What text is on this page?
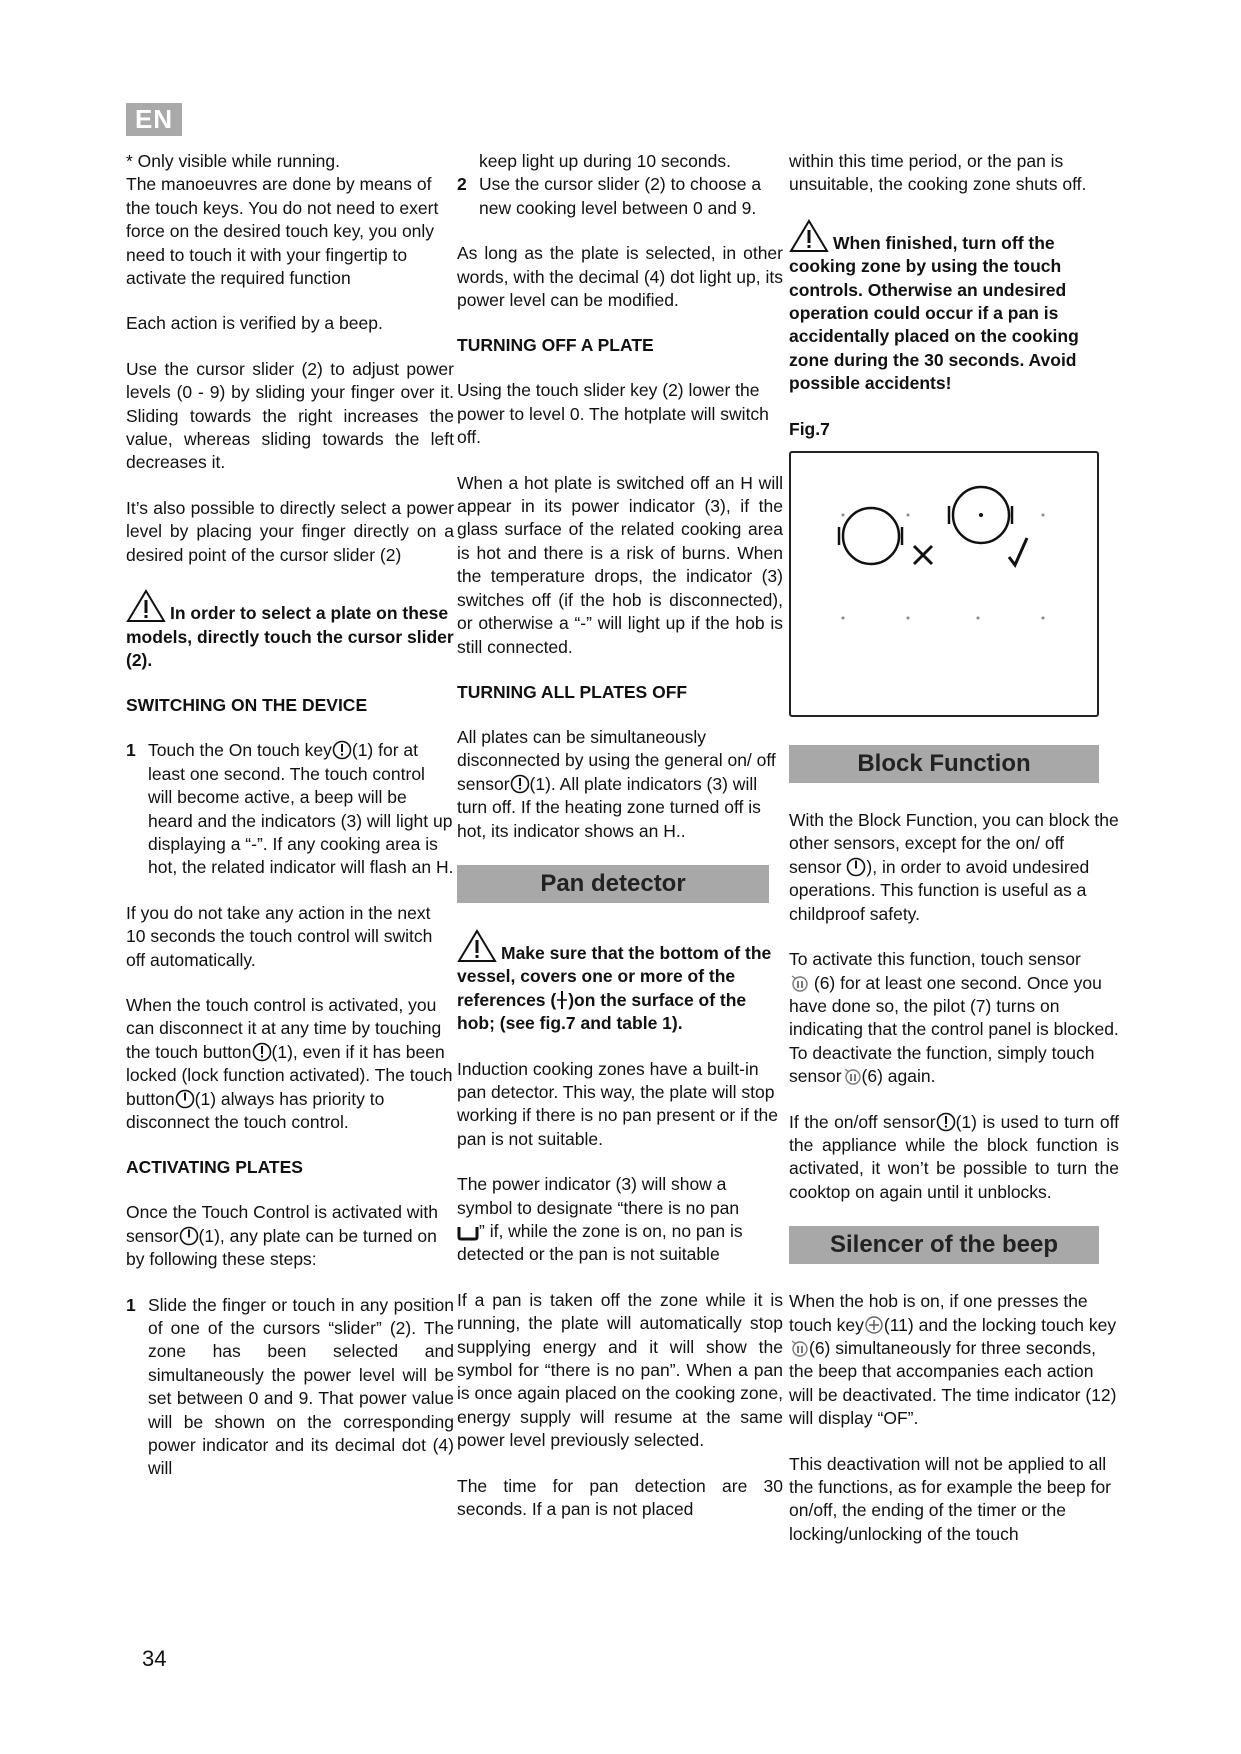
EN

* Only visible while running.

The manoeuvres are done by means of the touch keys. You do not need to exert force on the desired touch key, you only need to touch it with your fingertip to activate the required function

Each action is verified by a beep.

Use the cursor slider (2) to adjust power levels (0 - 9) by sliding your finger over it. Sliding towards the right increases the value, whereas sliding towards the left decreases it.

It’s also possible to directly select a power level by placing your finger directly on a desired point of the cursor slider (2)

In order to select a plate on these models, directly touch the cursor slider (2).
SWITCHING ON THE DEVICE
1 Touch the On touch key (1) for at least one second. The touch control will become active, a beep will be heard and the indicators (3) will light up displaying a “-”. If any cooking area is hot, the related indicator will flash an H.

If you do not take any action in the next 10 seconds the touch control will switch off automatically.

When the touch control is activated, you can disconnect it at any time by touching the touch button (1), even if it has been locked (lock function activated). The touch button (1) always has priority to disconnect the touch control.

ACTIVATING PLATES

Once the Touch Control is activated with sensor (1), any plate can be turned on by following these steps:

1 Slide the finger or touch in any position of one of the cursors “slider” (2). The zone has been selected and simultaneously the power level will be set between 0 and 9. That power value will be shown on the corresponding power indicator and its decimal dot (4) will
keep light up during 10 seconds.
2 Use the cursor slider (2) to choose a new cooking level between 0 and 9.

As long as the plate is selected, in other words, with the decimal (4) dot light up, its power level can be modified.

TURNING OFF A PLATE

Using the touch slider key (2) lower the power to level 0. The hotplate will switch off.

When a hot plate is switched off an H will appear in its power indicator (3), if the glass surface of the related cooking area is hot and there is a risk of burns. When the temperature drops, the indicator (3) switches off (if the hob is disconnected), or otherwise a “-” will light up if the hob is still connected.

TURNING ALL PLATES OFF

All plates can be simultaneously disconnected by using the general on/ off sensor (1). All plate indicators (3) will turn off. If the heating zone turned off is hot, its indicator shows an H..

Pan detector
Make sure that the bottom of the vessel, covers one or more of the references ( )on the surface of the hob; (see fig.7 and table 1).

Induction cooking zones have a built-in pan detector. This way, the plate will stop working if there is no pan present or if the pan is not suitable.

The power indicator (3) will show a symbol to designate “there is no pan
” if, while the zone is on, no pan is detected or the pan is not suitable

If a pan is taken off the zone while it is running, the plate will automatically stop supplying energy and it will show the symbol for “there is no pan”. When a pan is once again placed on the cooking zone, energy supply will resume at the same power level previously selected.

The time for pan detection are 30 seconds. If a pan is not placed

within this time period, or the pan is unsuitable, the cooking zone shuts off.

When finished, turn off the cooking zone by using the touch controls. Otherwise an undesired operation could occur if a pan is accidentally placed on the cooking zone during the 30 seconds. Avoid possible accidents!
Fig.7
Block Function

With the Block Function, you can block the other sensors, except for the on/ off sensor ), in order to avoid undesired operations. This function is useful as a childproof safety.

To activate this function, touch sensor
(6) for at least one second. Once you have done so, the pilot (7) turns on indicating that the control panel is blocked. To deactivate the function, simply touch sensor (6) again.

If the on/off sensor (1) is used to turn off the appliance while the block function is activated, it won’t be possible to turn the cooktop on again until it unblocks.

Silencer of the beep

When the hob is on, if one presses the touch key (11) and the locking touch key (6) simultaneously for three seconds, the beep that accompanies each action will be deactivated. The time indicator (12) will display “OF”.

This deactivation will not be applied to all the functions, as for example the beep for on/off, the ending of the timer or the locking/unlocking of the touch

34
